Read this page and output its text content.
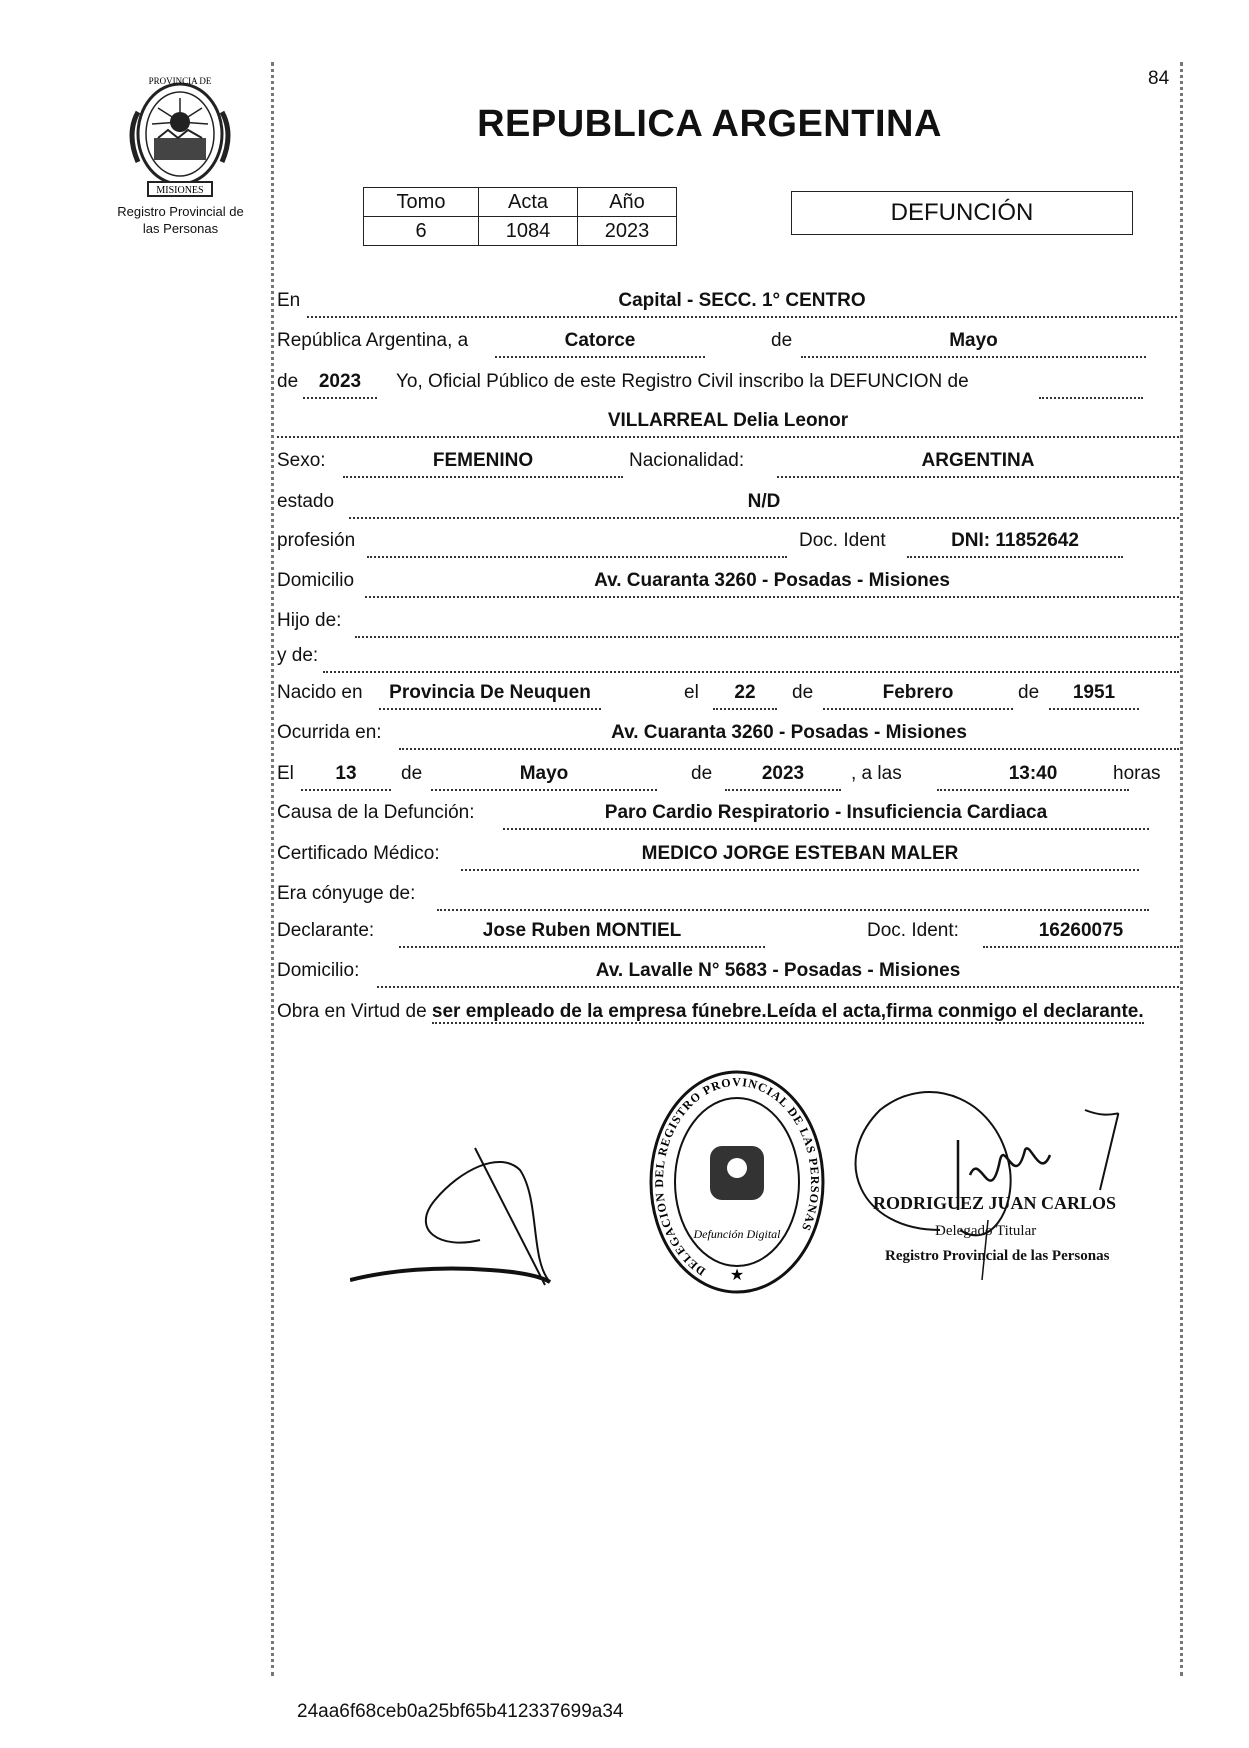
84
MISIONES
PROVINCIA DE
Registro Provincial de
las Personas
REPUBLICA ARGENTINA
Tomo	Acta	Año
6	1084	2023
DEFUNCIÓN
En	Capital - SECC. 1° CENTRO
República Argentina, a	Catorce	de	Mayo
de	2023	Yo, Oficial Público de este Registro Civil inscribo la DEFUNCION de
VILLARREAL Delia Leonor
Sexo:	FEMENINO	Nacionalidad:	ARGENTINA
estado	N/D
profesión	Doc. Ident	DNI: 11852642
Domicilio	Av. Cuaranta 3260 - Posadas - Misiones
Hijo de:
y de:
Nacido en	Provincia De Neuquen	el	22	de	Febrero	de	1951
Ocurrida en:	Av. Cuaranta 3260 - Posadas - Misiones
El	13	de	Mayo	de	2023	, a las	13:40	horas
Causa de la Defunción:	Paro Cardio Respiratorio - Insuficiencia Cardiaca
Certificado Médico:	MEDICO JORGE ESTEBAN MALER
Era cónyuge de:
Declarante:	Jose Ruben MONTIEL	Doc. Ident:	16260075
Domicilio:	Av. Lavalle N° 5683 - Posadas - Misiones
Obra en Virtud de ser empleado de la empresa fúnebre.Leída el acta,firma conmigo el declarante.
DELEGACION DEL REGISTRO PROVINCIAL DE LAS PERSONAS
Defunción Digital
★
RODRIGUEZ JUAN CARLOS
Delegado Titular
Registro Provincial de las Personas
24aa6f68ceb0a25bf65b412337699a34
